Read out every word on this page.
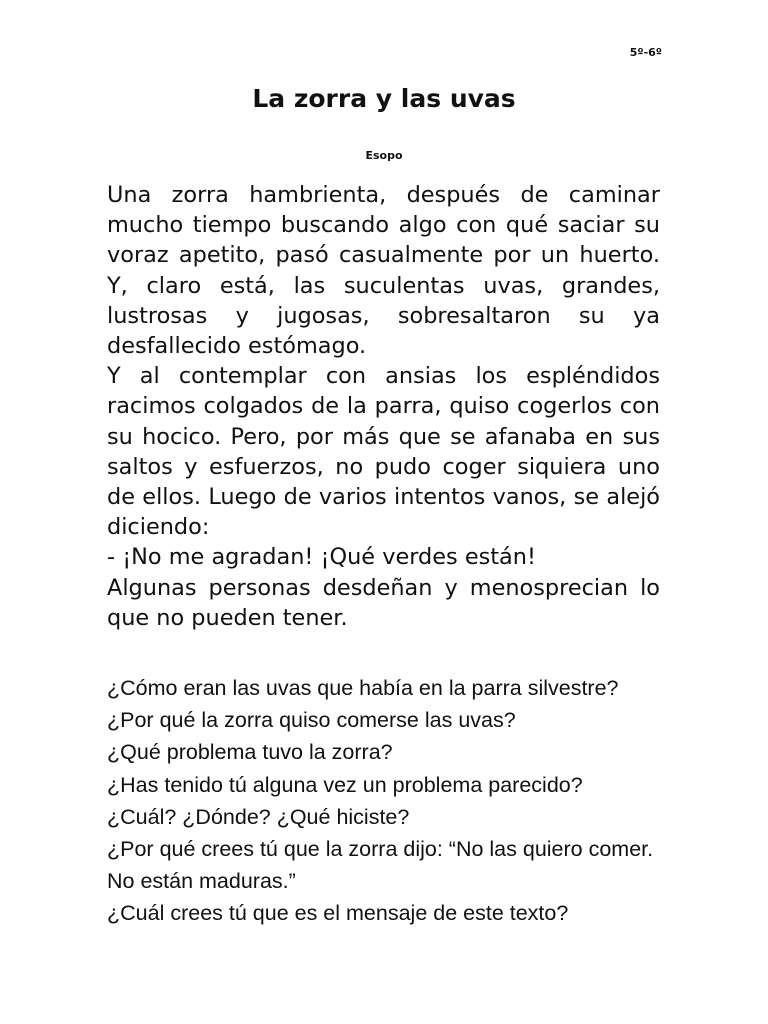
5º-6º
La zorra y las uvas
Esopo

Una zorra hambrienta, después de caminar mucho tiempo buscando algo con qué saciar su voraz apetito, pasó casualmente por un huerto. Y, claro está, las suculentas uvas, grandes, lustrosas y jugosas, sobresaltaron su ya desfallecido estómago.

Y al contemplar con ansias los espléndidos racimos colgados de la parra, quiso cogerlos con su hocico. Pero, por más que se afanaba en sus saltos y esfuerzos, no pudo coger siquiera uno de ellos. Luego de varios intentos vanos, se alejó diciendo:

- ¡No me agradan! ¡Qué verdes están!

Algunas personas desdeñan y menosprecian lo que no pueden tener.

¿Cómo eran las uvas que había en la parra silvestre?

¿Por qué la zorra quiso comerse las uvas?

¿Qué problema tuvo la zorra?

¿Has tenido tú alguna vez un problema parecido?

¿Cuál? ¿Dónde? ¿Qué hiciste?

¿Por qué crees tú que la zorra dijo: “No las quiero comer. No están maduras.”

¿Cuál crees tú que es el mensaje de este texto?
